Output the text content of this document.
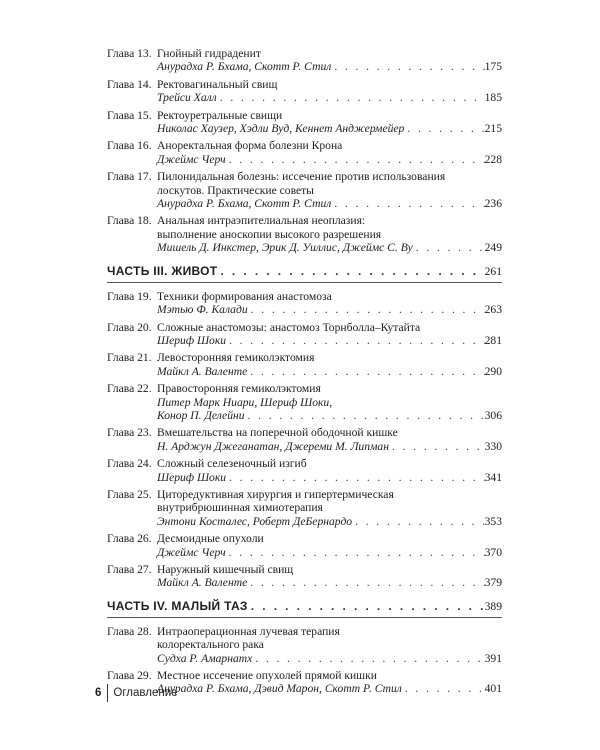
Глава 13. Гнойный гидраденит
Анурадха Р. Бхама, Скотт Р. Стил . . .	175
Глава 14. Ректовагинальный свищ
Трейси Халл . . .	185
Глава 15. Ректоуретральные свищи
Николас Хаузер, Хэдли Вуд, Кеннет Анджермейер . . .	215
Глава 16. Аноректальная форма болезни Крона
Джеймс Черч . . .	228
Глава 17. Пилонидальная болезнь: иссечение против использования
лоскутов. Практические советы
Анурадха Р. Бхама, Скотт Р. Стил . . .	236
Глава 18. Анальная интраэпителиальная неоплазия:
выполнение аноскопии высокого разрешения
Мишель Д. Инкстер, Эрик Д. Уиллис, Джеймс С. Ву . . .	249
ЧАСТЬ III. ЖИВОТ . . .	261
Глава 19. Техники формирования анастомоза
Мэтью Ф. Калади . . .	263
Глава 20. Сложные анастомозы: анастомоз Торнболла–Кутайта
Шериф Шоки . . .	281
Глава 21. Левосторонняя гемиколэктомия
Майкл А. Валенте . . .	290
Глава 22. Правосторонняя гемиколэктомия
Питер Марк Ниари, Шериф Шоки,
Конор П. Делейни . . .	306
Глава 23. Вмешательства на поперечной ободочной кишке
Н. Арджун Джеганатан, Джереми М. Липман . . .	330
Глава 24. Сложный селезеночный изгиб
Шериф Шоки . . .	341
Глава 25. Циторедуктивная хирургия и гипертермическая
внутрибрюшинная химиотерапия
Энтони Косталес, Роберт ДеБернардо . . .	353
Глава 26. Десмоидные опухоли
Джеймс Черч . . .	370
Глава 27. Наружный кишечный свищ
Майкл А. Валенте . . .	379
ЧАСТЬ IV. МАЛЫЙ ТАЗ . . .	389
Глава 28. Интраоперационная лучевая терапия
колоректального рака
Судха Р. Амарнатх . . .	391
Глава 29. Местное иссечение опухолей прямой кишки
Анурадха Р. Бхама, Дэвид Марон, Скотт Р. Стил . . .	401
6 Оглавление
